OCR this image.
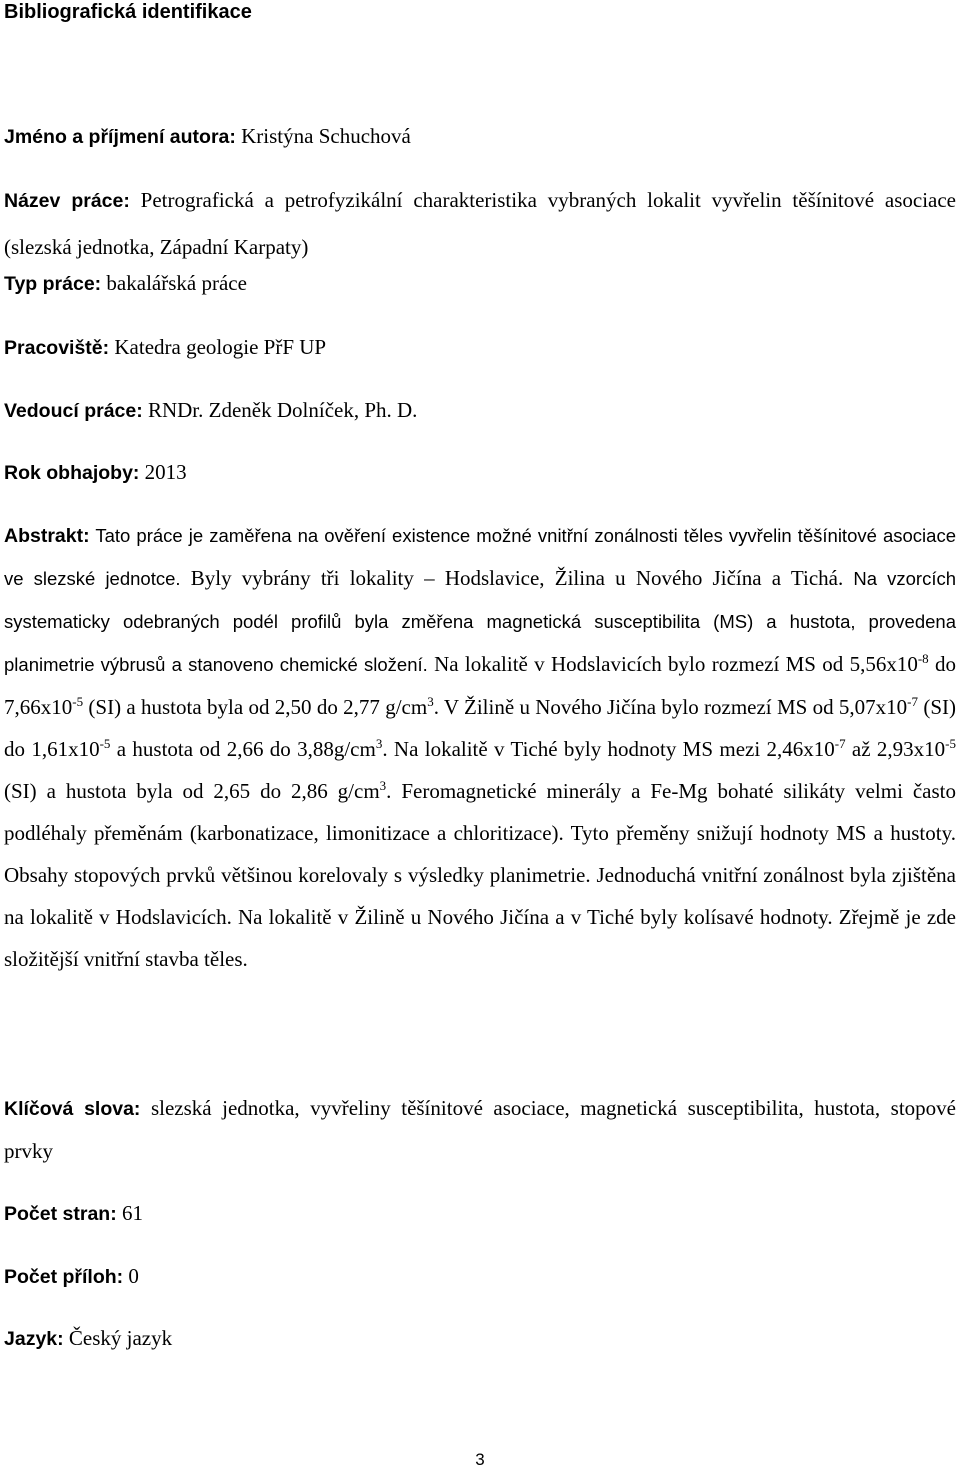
Bibliografická identifikace

Jméno a příjmení autora: Kristýna Schuchová

Název práce: Petrografická a petrofyzikální charakteristika vybraných lokalit vyvřelin těšínitové asociace (slezská jednotka, Západní Karpaty)

Typ práce: bakalářská práce

Pracoviště: Katedra geologie PřF UP

Vedoucí práce: RNDr. Zdeněk Dolníček, Ph. D.

Rok obhajoby: 2013

Abstrakt: Tato práce je zaměřena na ověření existence možné vnitřní zonálnosti těles vyvřelin těšínitové asociace ve slezské jednotce. Byly vybrány tři lokality – Hodslavice, Žilina u Nového Jičína a Tichá. Na vzorcích systematicky odebraných podél profilů byla změřena magnetická susceptibilita (MS) a hustota, provedena planimetrie výbrusů a stanoveno chemické složení. Na lokalitě v Hodslavicích bylo rozmezí MS od $5,56x10^{-8}$ do $7,66x10^{-5}$ (SI) a hustota byla od 2,50 do 2,77 $g/cm^3$. V Žilině u Nového Jičína bylo rozmezí MS od $5,07x10^{-7}$ (SI) do $1,61x10^{-5}$ a hustota od 2,66 do $3,88g/cm^3$. Na lokalitě v Tiché byly hodnoty MS mezi $2,46x10^{-7}$ až $2,93x10^{-5}$ (SI) a hustota byla od 2,65 do 2,86 $g/cm^3$. Feromagnetické minerály a Fe-Mg bohaté silikáty velmi často podléhaly přeměnám (karbonatizace, limonitizace a chloritizace). Tyto přeměny snižují hodnoty MS a hustoty. Obsahy stopových prvků většinou korelovaly s výsledky planimetrie. Jednoduchá vnitřní zonálnost byla zjištěna na lokalitě v Hodslavicích. Na lokalitě v Žilině u Nového Jičína a v Tiché byly kolísavé hodnoty. Zřejmě je zde složitější vnitřní stavba těles.

Klíčová slova: slezská jednotka, vyvřeliny těšínitové asociace, magnetická susceptibilita, hustota, stopové prvky

Počet stran: 61

Počet příloh: 0

Jazyk: Český jazyk

3
